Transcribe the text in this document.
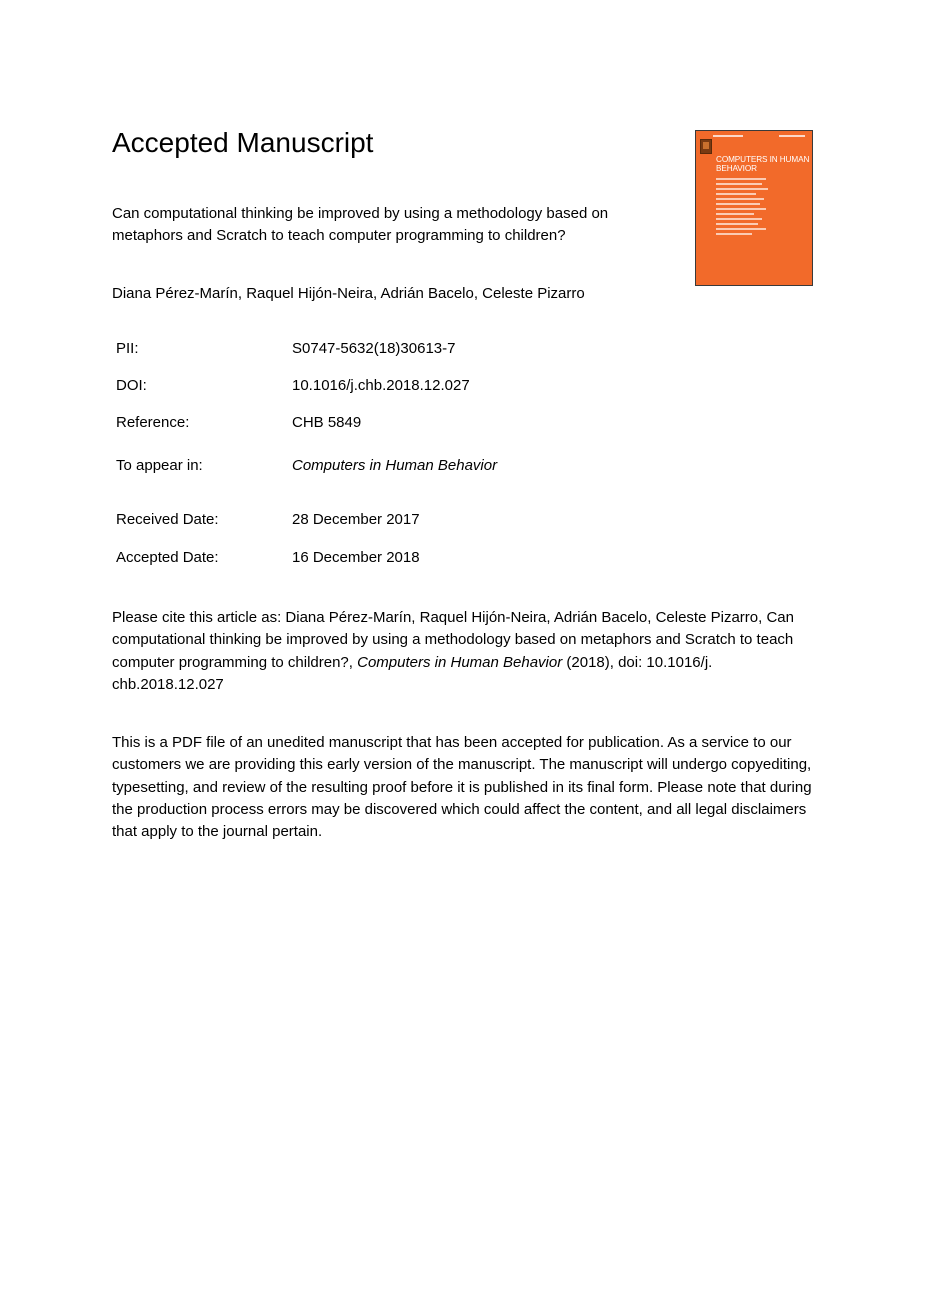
Accepted Manuscript
Can computational thinking be improved by using a methodology based on metaphors and Scratch to teach computer programming to children?
Diana Pérez-Marín, Raquel Hijón-Neira, Adrián Bacelo, Celeste Pizarro
PII:	S0747-5632(18)30613-7
DOI:	10.1016/j.chb.2018.12.027
Reference:	CHB 5849
To appear in:	Computers in Human Behavior
Received Date:	28 December 2017
Accepted Date:	16 December 2018
Please cite this article as: Diana Pérez-Marín, Raquel Hijón-Neira, Adrián Bacelo, Celeste Pizarro, Can computational thinking be improved by using a methodology based on metaphors and Scratch to teach computer programming to children?, Computers in Human Behavior (2018), doi: 10.1016/j. chb.2018.12.027
This is a PDF file of an unedited manuscript that has been accepted for publication. As a service to our customers we are providing this early version of the manuscript. The manuscript will undergo copyediting, typesetting, and review of the resulting proof before it is published in its final form. Please note that during the production process errors may be discovered which could affect the content, and all legal disclaimers that apply to the journal pertain.
COMPUTERS IN HUMAN BEHAVIOR
